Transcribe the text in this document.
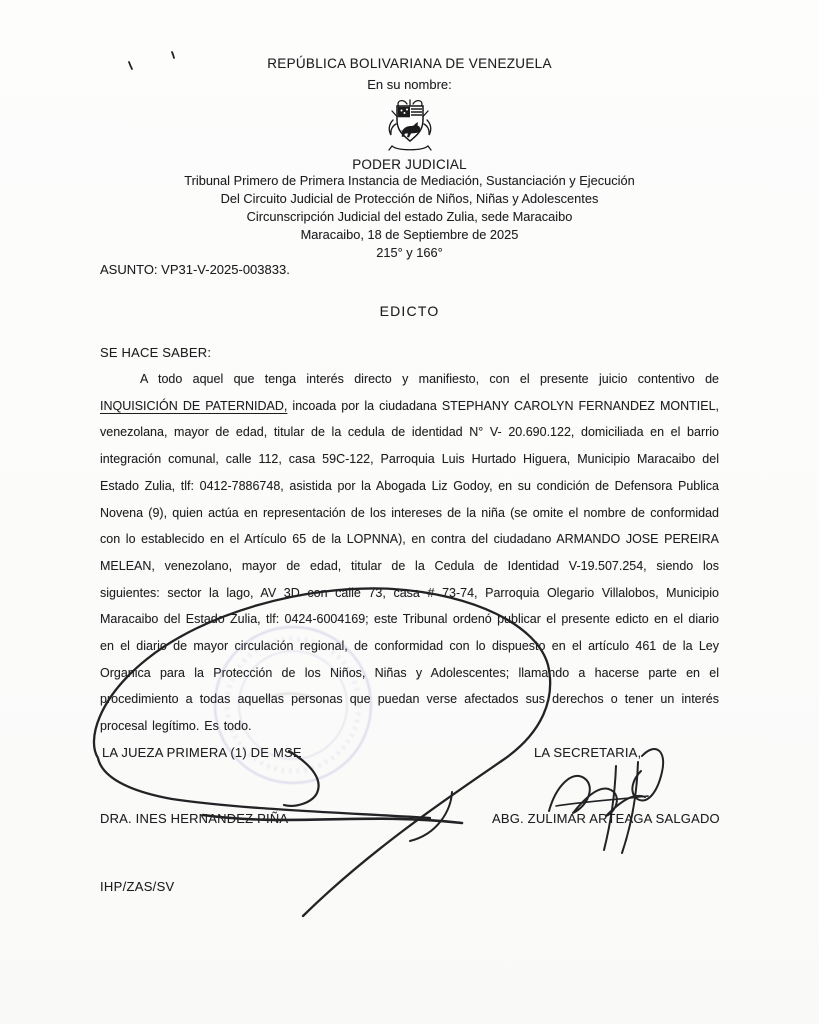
REPÚBLICA BOLIVARIANA DE VENEZUELA
En su nombre:
PODER JUDICIAL
Tribunal Primero de Primera Instancia de Mediación, Sustanciación y Ejecución
Del Circuito Judicial de Protección de Niños, Niñas y Adolescentes
Circunscripción Judicial del estado Zulia, sede Maracaibo
Maracaibo, 18 de Septiembre de 2025
215° y 166°
ASUNTO: VP31-V-2025-003833.
EDICTO
SE HACE SABER:

A todo aquel que tenga interés directo y manifiesto, con el presente juicio contentivo de INQUISICIÓN DE PATERNIDAD, incoada por la ciudadana STEPHANY CAROLYN FERNANDEZ MONTIEL, venezolana, mayor de edad, titular de la cedula de identidad N° V- 20.690.122, domiciliada en el barrio integración comunal, calle 112, casa 59C-122, Parroquia Luis Hurtado Higuera, Municipio Maracaibo del Estado Zulia, tlf: 0412-7886748, asistida por la Abogada Liz Godoy, en su condición de Defensora Publica Novena (9), quien actúa en representación de los intereses de la niña (se omite el nombre de conformidad con lo establecido en el Artículo 65 de la LOPNNA), en contra del ciudadano ARMANDO JOSE PEREIRA MELEAN, venezolano, mayor de edad, titular de la Cedula de Identidad V-19.507.254, siendo los siguientes: sector la lago, AV 3D con calle 73, casa # 73-74, Parroquia Olegario Villalobos, Municipio Maracaibo del Estado Zulia, tlf: 0424-6004169; este Tribunal ordenó publicar el presente edicto en el diario en el diario de mayor circulación regional, de conformidad con lo dispuesto en el artículo 461 de la Ley Organica para la Protección de los Niños, Niñas y Adolescentes; llamando a hacerse parte en el procedimiento a todas aquellas personas que puedan verse afectados sus derechos o tener un interés procesal legítimo. Es todo.

LA JUEZA PRIMERA (1) DE MSE	LA SECRETARIA,
DRA. INES HERNANDEZ PIÑA	ABG. ZULIMAR ARTEAGA SALGADO
IHP/ZAS/SV
